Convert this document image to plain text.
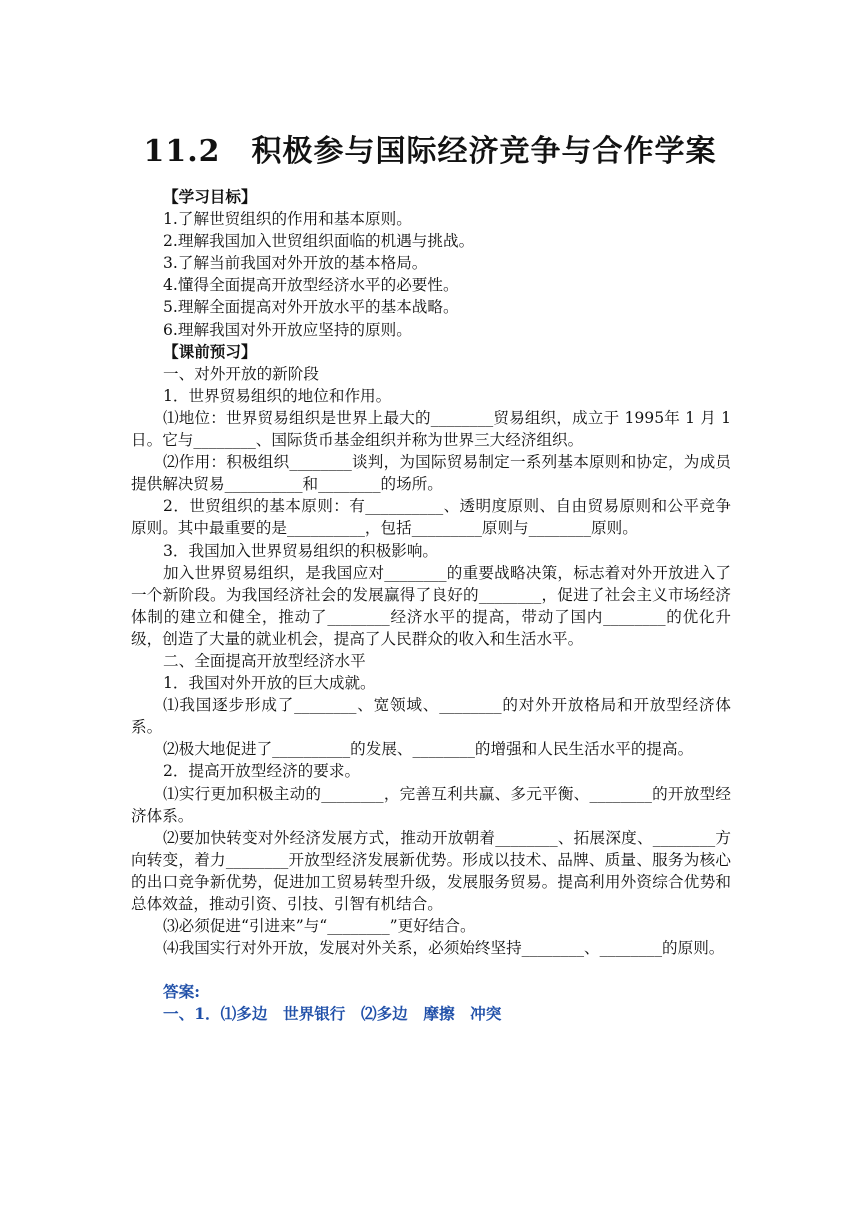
11.2　积极参与国际经济竞争与合作学案

【学习目标】

1.了解世贸组织的作用和基本原则。

2.理解我国加入世贸组织面临的机遇与挑战。

3.了解当前我国对外开放的基本格局。

4.懂得全面提高开放型经济水平的必要性。

5.理解全面提高对外开放水平的基本战略。

6.理解我国对外开放应坚持的原则。

【课前预习】

一、对外开放的新阶段

1．世界贸易组织的地位和作用。

⑴地位：世界贸易组织是世界上最大的________贸易组织，成立于 1995年 1 月 1 日。它与________、国际货币基金组织并称为世界三大经济组织。

⑵作用：积极组织________谈判，为国际贸易制定一系列基本原则和协定，为成员提供解决贸易__________和________的场所。

2．世贸组织的基本原则：有__________、透明度原则、自由贸易原则和公平竞争原则。其中最重要的是__________，包括_________原则与________原则。

3．我国加入世界贸易组织的积极影响。

加入世界贸易组织，是我国应对________的重要战略决策，标志着对外开放进入了一个新阶段。为我国经济社会的发展赢得了良好的________，促进了社会主义市场经济体制的建立和健全，推动了________经济水平的提高，带动了国内________的优化升级，创造了大量的就业机会，提高了人民群众的收入和生活水平。

二、全面提高开放型经济水平

1．我国对外开放的巨大成就。

⑴我国逐步形成了________、宽领域、________的对外开放格局和开放型经济体系。

⑵极大地促进了__________的发展、________的增强和人民生活水平的提高。

2．提高开放型经济的要求。

⑴实行更加积极主动的________，完善互利共赢、多元平衡、________的开放型经济体系。

⑵要加快转变对外经济发展方式，推动开放朝着________、拓展深度、________方向转变，着力________开放型经济发展新优势。形成以技术、品牌、质量、服务为核心的出口竞争新优势，促进加工贸易转型升级，发展服务贸易。提高利用外资综合优势和总体效益，推动引资、引技、引智有机结合。

⑶必须促进“引进来”与“________”更好结合。

⑷我国实行对外开放，发展对外关系，必须始终坚持________、________的原则。

答案:

一、1．⑴多边　世界银行　⑵多边　摩擦　冲突
